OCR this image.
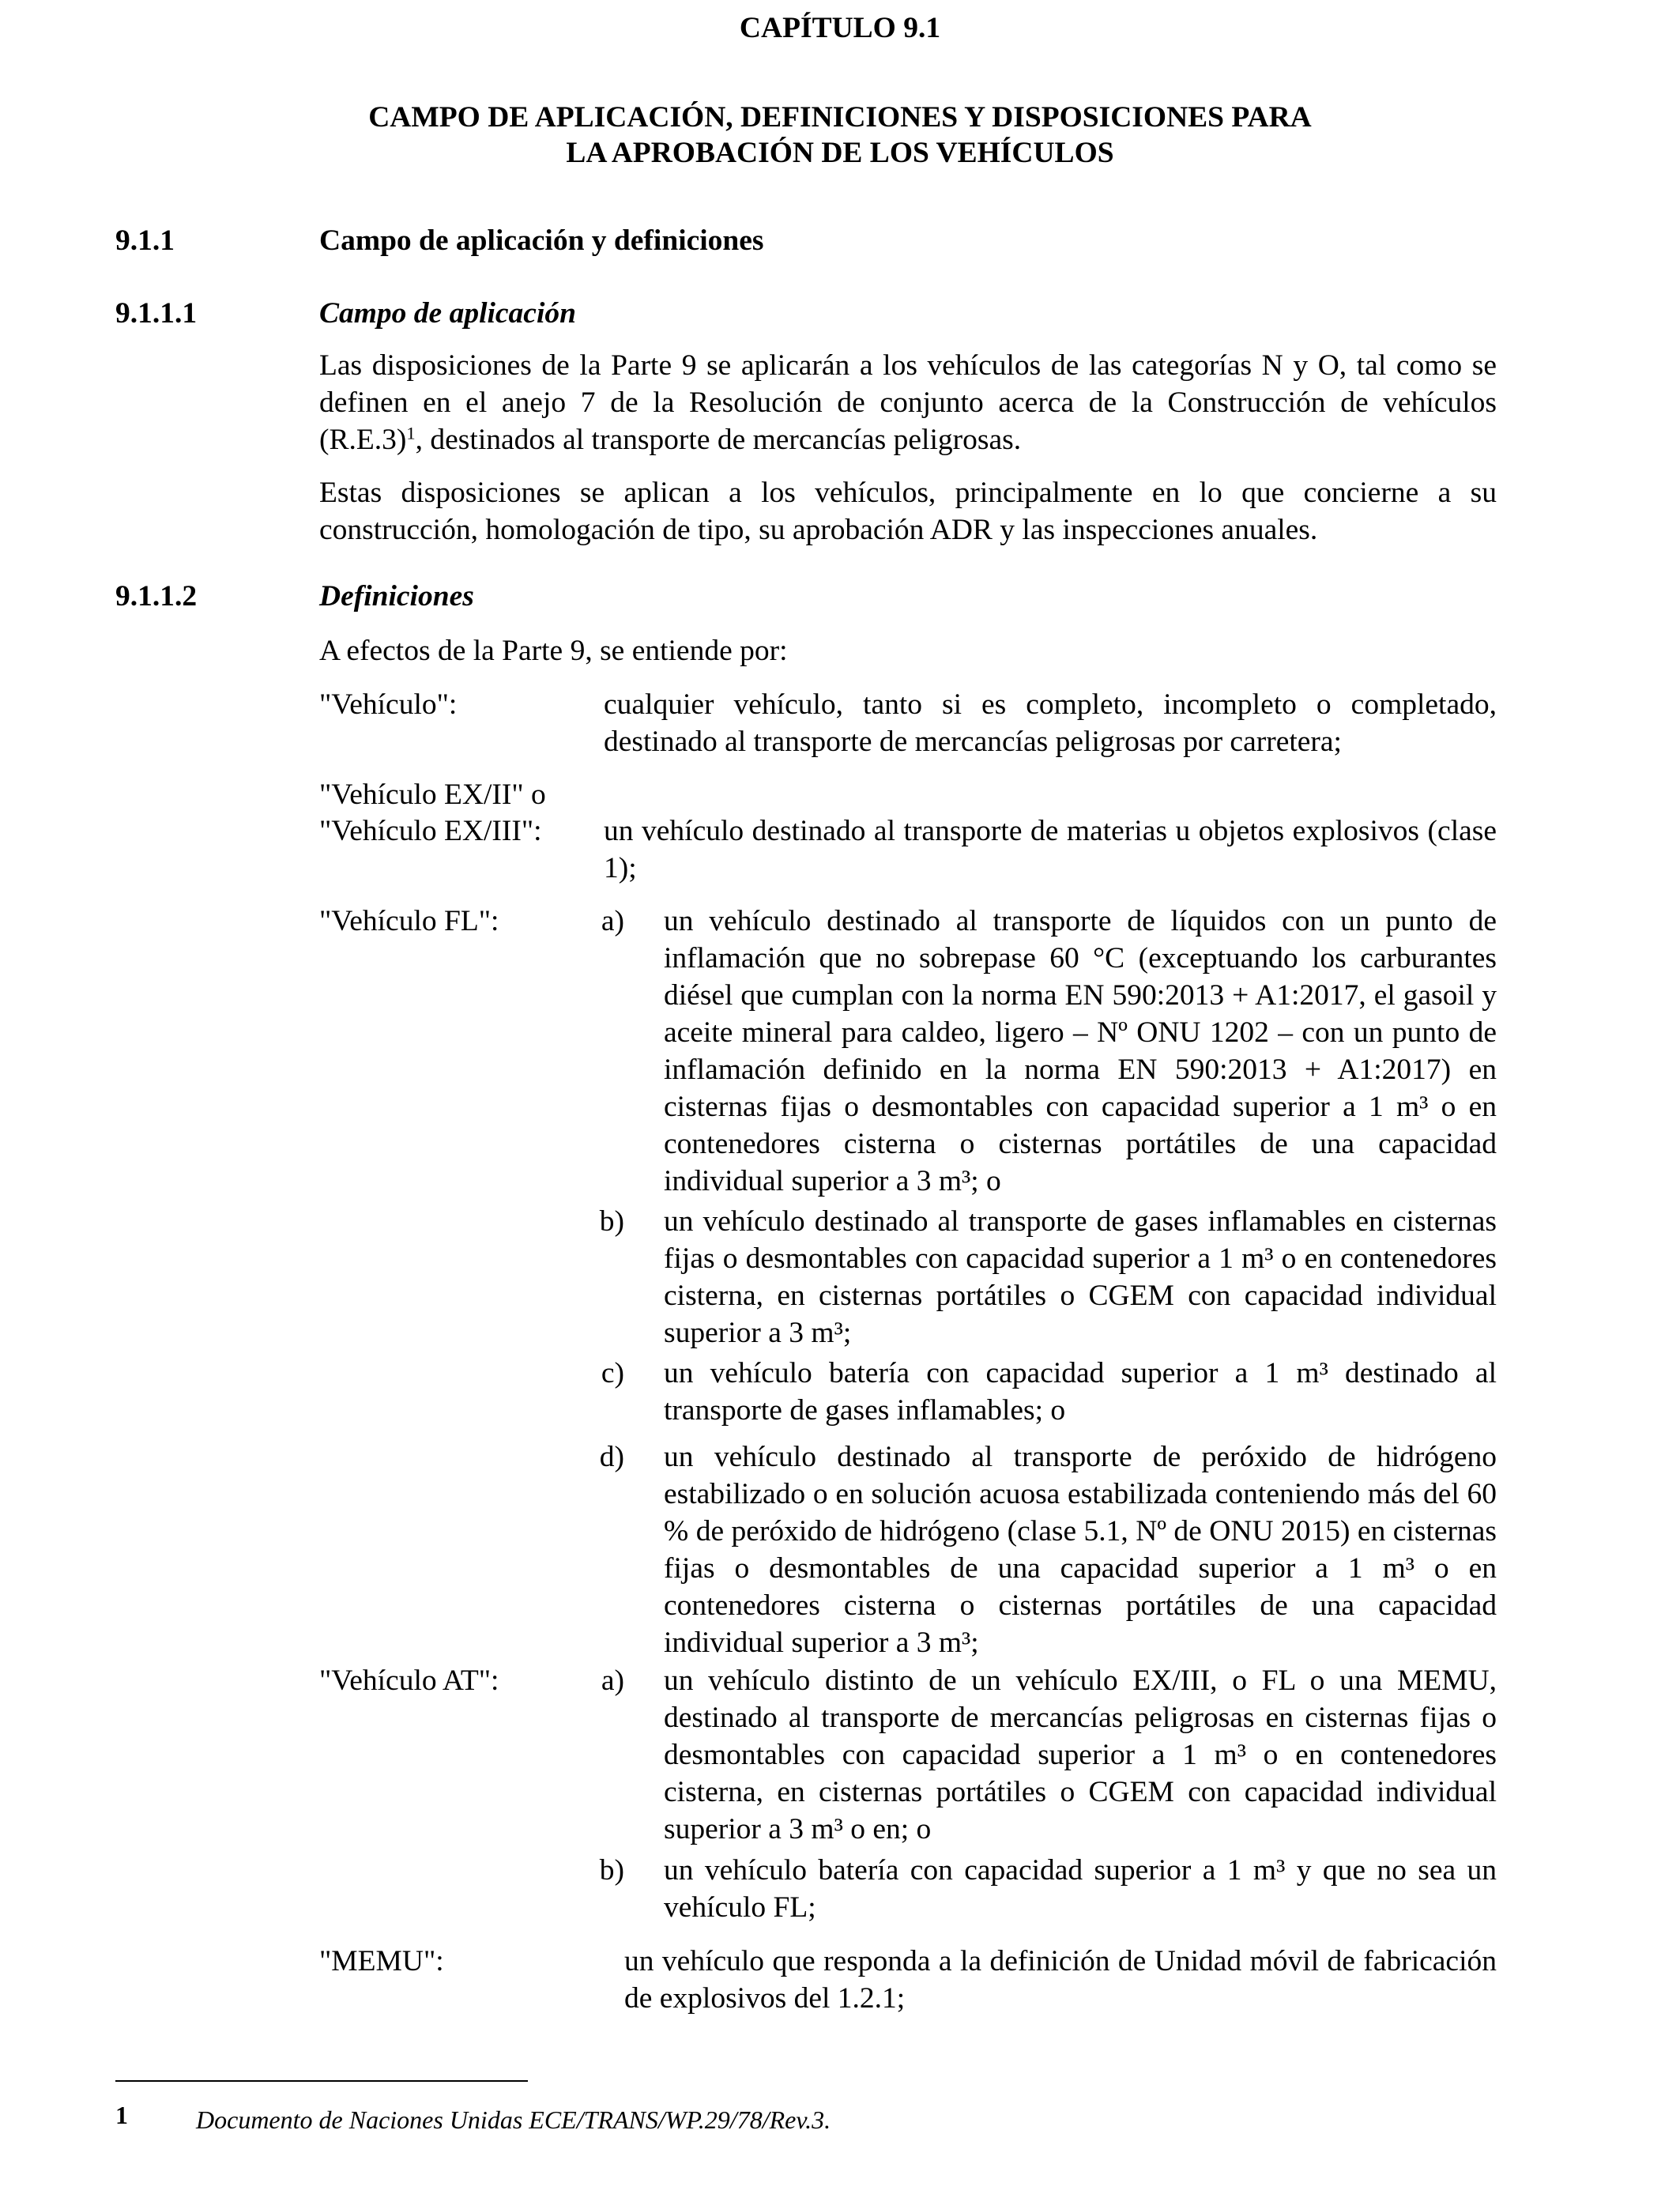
CAPÍTULO 9.1
CAMPO DE APLICACIÓN, DEFINICIONES Y DISPOSICIONES PARA
LA APROBACIÓN DE LOS VEHÍCULOS
9.1.1	Campo de aplicación y definiciones
9.1.1.1	Campo de aplicación
Las disposiciones de la Parte 9 se aplicarán a los vehículos de las categorías N y O, tal como se definen en el anejo 7 de la Resolución de conjunto acerca de la Construcción de vehículos $(R.E.3)^1$, destinados al transporte de mercancías peligrosas.
Estas disposiciones se aplican a los vehículos, principalmente en lo que concierne a su construcción, homologación de tipo, su aprobación ADR y las inspecciones anuales.
9.1.1.2	Definiciones
A efectos de la Parte 9, se entiende por:
"Vehículo":	cualquier vehículo, tanto si es completo, incompleto o completado, destinado al transporte de mercancías peligrosas por carretera;
"Vehículo EX/II" o
"Vehículo EX/III": un vehículo destinado al transporte de materias u objetos explosivos (clase 1);
"Vehículo FL":	a) un vehículo destinado al transporte de líquidos con un punto de inflamación que no sobrepase 60 °C (exceptuando los carburantes diésel que cumplan con la norma EN 590:2013 + A1:2017, el gasoil y aceite mineral para caldeo, ligero – Nº ONU 1202 – con un punto de inflamación definido en la norma EN 590:2013 + A1:2017) en cisternas fijas o desmontables con capacidad superior a 1 m³ o en contenedores cisterna o cisternas portátiles de una capacidad individual superior a 3 m³; o
b) un vehículo destinado al transporte de gases inflamables en cisternas fijas o desmontables con capacidad superior a 1 m³ o en contenedores cisterna, en cisternas portátiles o CGEM con capacidad individual superior a 3 m³;
c) un vehículo batería con capacidad superior a 1 m³ destinado al transporte de gases inflamables; o
d) un vehículo destinado al transporte de peróxido de hidrógeno estabilizado o en solución acuosa estabilizada conteniendo más del 60 % de peróxido de hidrógeno (clase 5.1, Nº de ONU 2015) en cisternas fijas o desmontables de una capacidad superior a 1 m³ o en contenedores cisterna o cisternas portátiles de una capacidad individual superior a 3 m³;
"Vehículo AT":	a) un vehículo distinto de un vehículo EX/III, o FL o una MEMU, destinado al transporte de mercancías peligrosas en cisternas fijas o desmontables con capacidad superior a 1 m³ o en contenedores cisterna, en cisternas portátiles o CGEM con capacidad individual superior a 3 m³ o en; o
b) un vehículo batería con capacidad superior a 1 m³ y que no sea un vehículo FL;
"MEMU":	un vehículo que responda a la definición de Unidad móvil de fabricación de explosivos del 1.2.1;
1	Documento de Naciones Unidas ECE/TRANS/WP.29/78/Rev.3.
